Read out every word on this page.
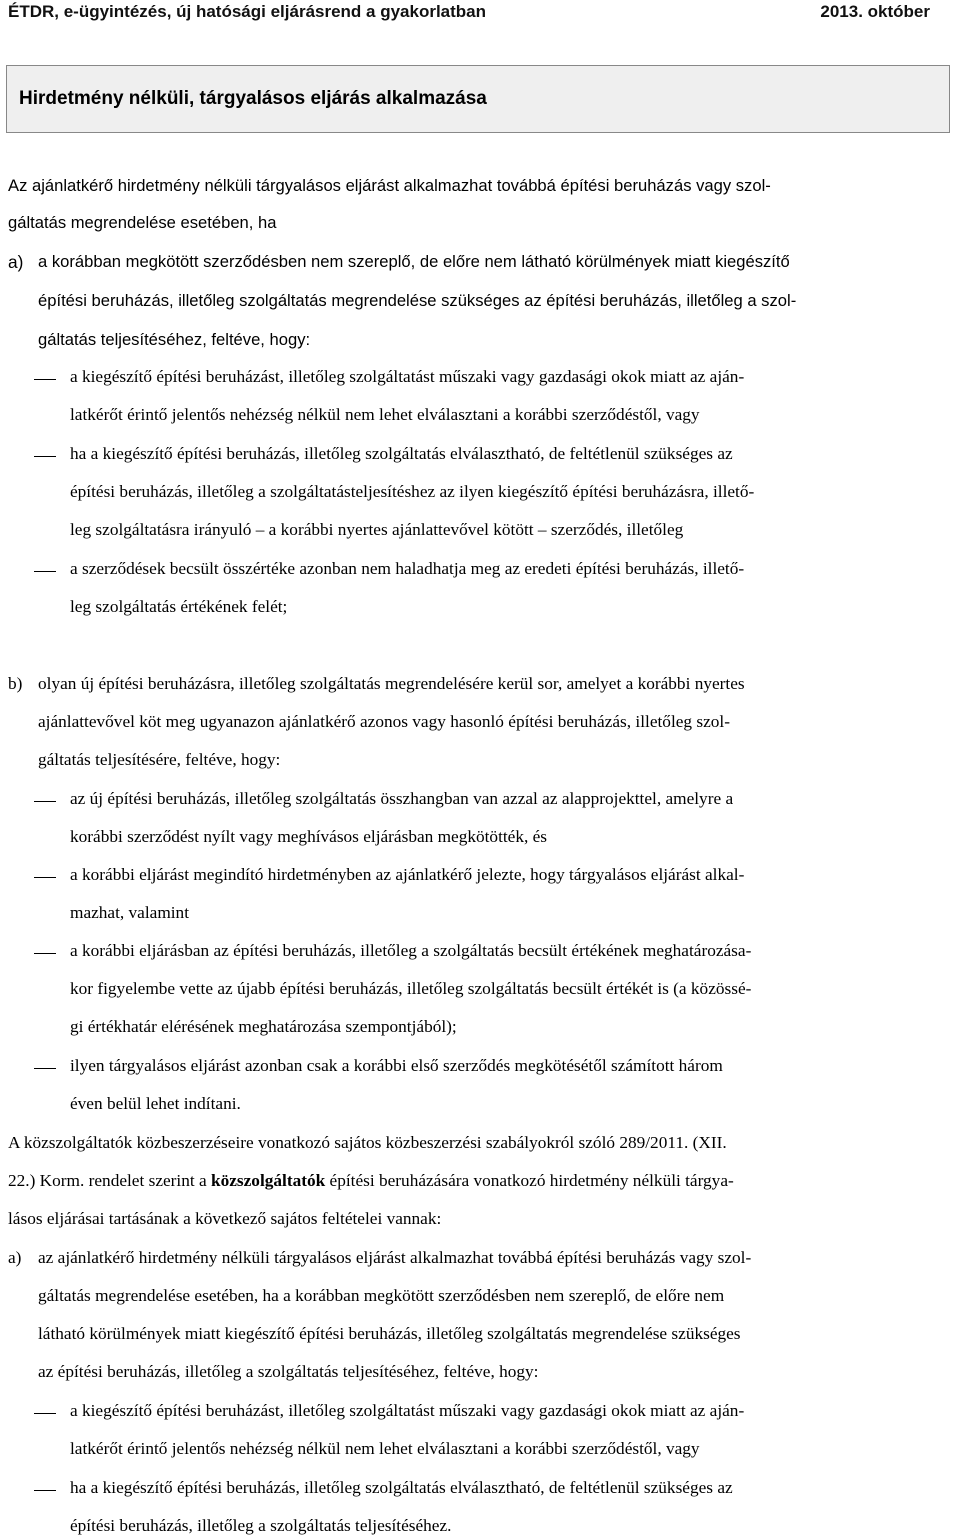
ÉTDR, e-ügyintézés, új hatósági eljárásrend a gyakorlatban	2013. október
Hirdetmény nélküli, tárgyalásos eljárás alkalmazása
Az ajánlatkérő hirdetmény nélküli tárgyalásos eljárást alkalmazhat továbbá építési beruházás vagy szol-
gáltatás megrendelése esetében, ha
a) a korábban megkötött szerződésben nem szereplő, de előre nem látható körülmények miatt kiegészítő
építési beruházás, illetőleg szolgáltatás megrendelése szükséges az építési beruházás, illetőleg a szol-
gáltatás teljesítéséhez, feltéve, hogy:
a kiegészítő építési beruházást, illetőleg szolgáltatást műszaki vagy gazdasági okok miatt az aján-
latkérőt érintő jelentős nehézség nélkül nem lehet elválasztani a korábbi szerződéstől, vagy
ha a kiegészítő építési beruházás, illetőleg szolgáltatás elválasztható, de feltétlenül szükséges az
építési beruházás, illetőleg a szolgáltatásteljesítéshez az ilyen kiegészítő építési beruházásra, illető-
leg szolgáltatásra irányuló – a korábbi nyertes ajánlattevővel kötött – szerződés, illetőleg
a szerződések becsült összértéke azonban nem haladhatja meg az eredeti építési beruházás, illető-
leg szolgáltatás értékének felét;
b) olyan új építési beruházásra, illetőleg szolgáltatás megrendelésére kerül sor, amelyet a korábbi nyertes
ajánlattevővel köt meg ugyanazon ajánlatkérő azonos vagy hasonló építési beruházás, illetőleg szol-
gáltatás teljesítésére, feltéve, hogy:
az új építési beruházás, illetőleg szolgáltatás összhangban van azzal az alapprojekttel, amelyre a
korábbi szerződést nyílt vagy meghívásos eljárásban megkötötték, és
a korábbi eljárást megindító hirdetményben az ajánlatkérő jelezte, hogy tárgyalásos eljárást alkal-
mazhat, valamint
a korábbi eljárásban az építési beruházás, illetőleg a szolgáltatás becsült értékének meghatározása-
kor figyelembe vette az újabb építési beruházás, illetőleg szolgáltatás becsült értékét is (a közössé-
gi értékhatár elérésének meghatározása szempontjából);
ilyen tárgyalásos eljárást azonban csak a korábbi első szerződés megkötésétől számított három
éven belül lehet indítani.
A közszolgáltatók közbeszerzéseire vonatkozó sajátos közbeszerzési szabályokról szóló 289/2011. (XII.
22.) Korm. rendelet szerint a közszolgáltatók építési beruházására vonatkozó hirdetmény nélküli tárgya-
lásos eljárásai tartásának a következő sajátos feltételei vannak:
a) az ajánlatkérő hirdetmény nélküli tárgyalásos eljárást alkalmazhat továbbá építési beruházás vagy szol-
gáltatás megrendelése esetében, ha a korábban megkötött szerződésben nem szereplő, de előre nem
látható körülmények miatt kiegészítő építési beruházás, illetőleg szolgáltatás megrendelése szükséges
az építési beruházás, illetőleg a szolgáltatás teljesítéséhez, feltéve, hogy:
a kiegészítő építési beruházást, illetőleg szolgáltatást műszaki vagy gazdasági okok miatt az aján-
latkérőt érintő jelentős nehézség nélkül nem lehet elválasztani a korábbi szerződéstől, vagy
ha a kiegészítő építési beruházás, illetőleg szolgáltatás elválasztható, de feltétlenül szükséges az
építési beruházás, illetőleg a szolgáltatás teljesítéséhez.
